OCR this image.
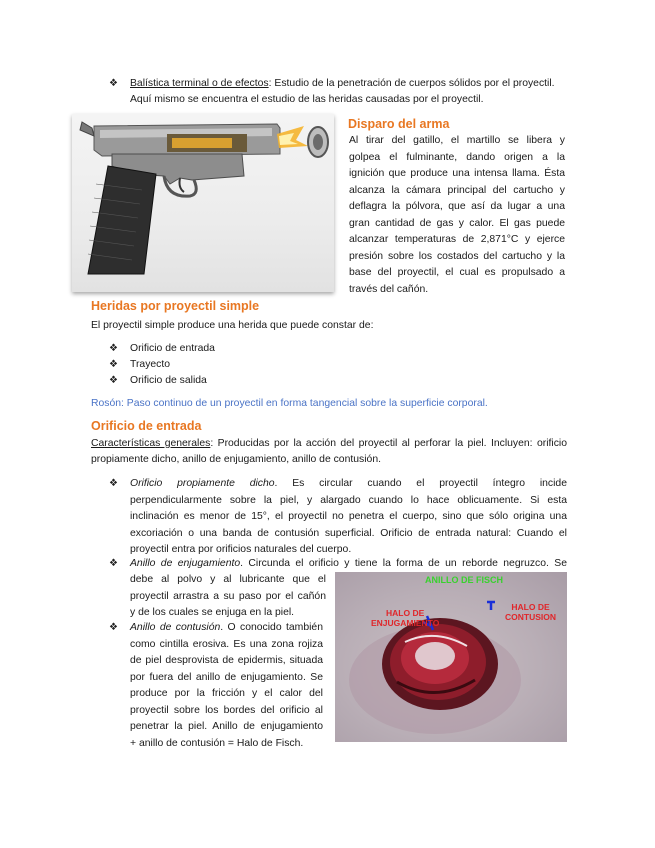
❖ Balística terminal o de efectos: Estudio de la penetración de cuerpos sólidos por el proyectil.
Aquí mismo se encuentra el estudio de las heridas causadas por el proyectil.
Disparo del arma
Al tirar del gatillo, el martillo se libera y
golpea el fulminante, dando origen a la
ignición que produce una intensa llama. Ésta
alcanza la cámara principal del cartucho y
deflagra la pólvora, que así da lugar a una
gran cantidad de gas y calor. El gas puede
alcanzar temperaturas de 2,871°C y ejerce
presión sobre los costados del cartucho y la
base del proyectil, el cual es propulsado a
través del cañón.
Heridas por proyectil simple
El proyectil simple produce una herida que puede constar de:
❖ Orificio de entrada
❖ Trayecto
❖ Orificio de salida
Rosón: Paso continuo de un proyectil en forma tangencial sobre la superficie corporal.
Orificio de entrada
Características generales: Producidas por la acción del proyectil al perforar la piel. Incluyen: orificio
propiamente dicho, anillo de enjugamiento, anillo de contusión.
❖ Orificio propiamente dicho. Es circular cuando el proyectil íntegro incide
perpendicularmente sobre la piel, y alargado cuando lo hace oblicuamente. Si esta
inclinación es menor de 15°, el proyectil no penetra el cuerpo, sino que sólo origina una
excoriación o una banda de contusión superficial. Orificio de entrada natural: Cuando el
proyectil entra por orificios naturales del cuerpo.
❖ Anillo de enjugamiento. Circunda el orificio y tiene la forma de un reborde negruzco. Se
debe al polvo y al lubricante que el
proyectil arrastra a su paso por el cañón
y de los cuales se enjuga en la piel.
❖ Anillo de contusión. O conocido también
como cintilla erosiva. Es una zona rojiza
de piel desprovista de epidermis, situada
por fuera del anillo de enjugamiento. Se
produce por la fricción y el calor del
proyectil sobre los bordes del orificio al
penetrar la piel. Anillo de enjugamiento
+ anillo de contusión = Halo de Fisch.
ANILLO DE FISCH
HALO DE
ENJUGAMIENTO
HALO DE
CONTUSION
